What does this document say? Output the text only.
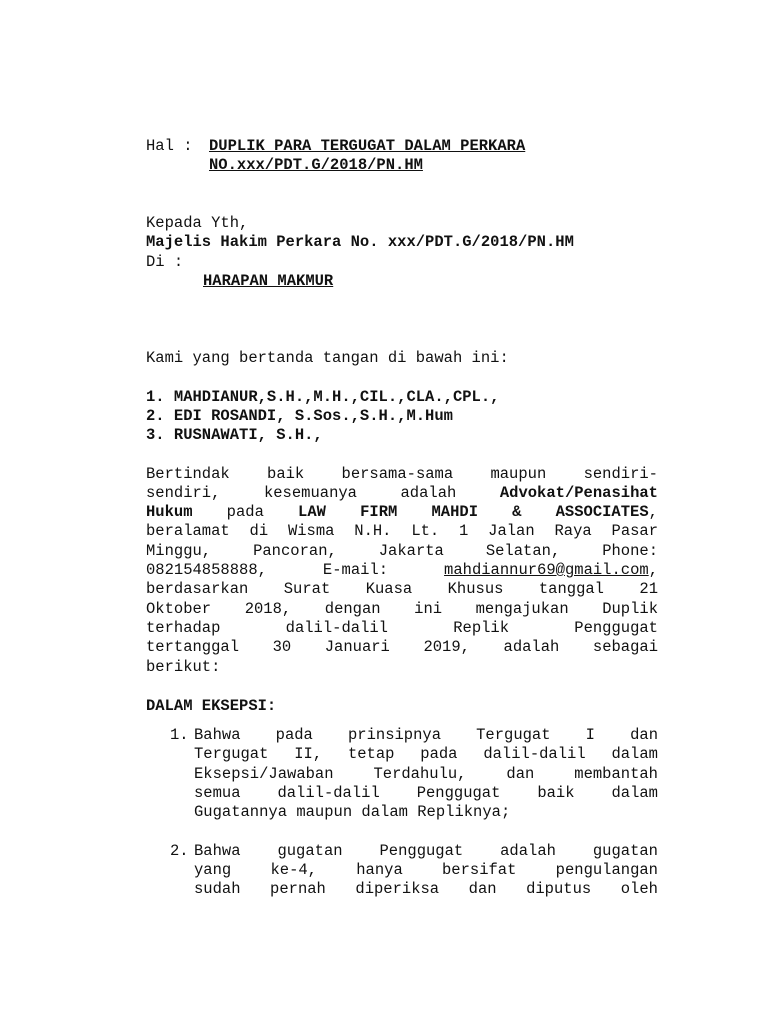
Hal : DUPLIK PARA TERGUGAT DALAM PERKARA
NO.xxx/PDT.G/2018/PN.HM
Kepada Yth,
Majelis Hakim Perkara No. xxx/PDT.G/2018/PN.HM
Di :
HARAPAN MAKMUR
Kami yang bertanda tangan di bawah ini:
1. MAHDIANUR,S.H.,M.H.,CIL.,CLA.,CPL.,
2. EDI ROSANDI, S.Sos.,S.H.,M.Hum
3. RUSNAWATI, S.H.,
Bertindak baik bersama-sama maupun sendiri-
sendiri,	kesemuanya	adalah	Advokat/Penasihat
Hukum pada LAW FIRM MAHDI & ASSOCIATES,
beralamat di Wisma N.H. Lt. 1 Jalan Raya Pasar
Minggu,	Pancoran,	Jakarta	Selatan,	Phone:
082154858888,	E-mail:	mahdiannur69@gmail.com,
berdasarkan Surat Kuasa Khusus tanggal 21
Oktober 2018, dengan ini mengajukan Duplik
terhadap	dalil-dalil	Replik	Penggugat
tertanggal 30 Januari 2019, adalah sebagai
berikut:
DALAM EKSEPSI:
1. Bahwa pada prinsipnya Tergugat I dan
Tergugat II, tetap pada dalil-dalil dalam
Eksepsi/Jawaban	Terdahulu,	dan	membantah
semua dalil-dalil Penggugat baik dalam
Gugatannya maupun dalam Repliknya;
2. Bahwa gugatan Penggugat adalah gugatan
yang	ke-4,	hanya	bersifat	pengulangan
sudah pernah diperiksa dan diputus oleh
